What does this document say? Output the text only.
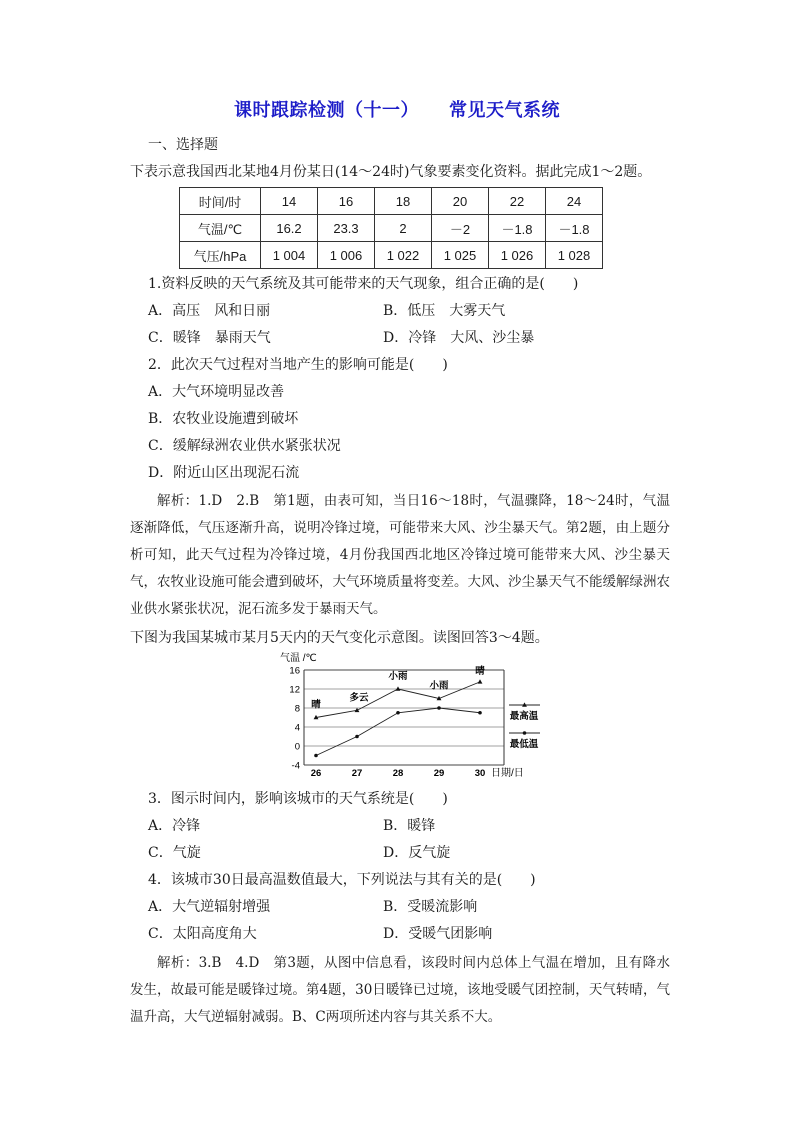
课时跟踪检测（十一） 常见天气系统
一、选择题
下表示意我国西北某地4月份某日(14～24时)气象要素变化资料。据此完成1～2题。
时间/时	14	16	18	20	22	24
气温/℃	16.2	23.3	2	－2	－1.8	－1.8
气压/hPa	1 004	1 006	1 022	1 025	1 026	1 028
1.资料反映的天气系统及其可能带来的天气现象，组合正确的是(　　)
A．高压　风和日丽	B．低压　大雾天气
C．暖锋　暴雨天气	D．冷锋　大风、沙尘暴
2．此次天气过程对当地产生的影响可能是(　　)
A．大气环境明显改善
B．农牧业设施遭到破坏
C．缓解绿洲农业供水紧张状况
D．附近山区出现泥石流
解析：1.D　2.B　第1题，由表可知，当日16～18时，气温骤降，18～24时，气温逐渐降低，气压逐渐升高，说明冷锋过境，可能带来大风、沙尘暴天气。第2题，由上题分析可知，此天气过程为冷锋过境，4月份我国西北地区冷锋过境可能带来大风、沙尘暴天气，农牧业设施可能会遭到破坏，大气环境质量将变差。大风、沙尘暴天气不能缓解绿洲农业供水紧张状况，泥石流多发于暴雨天气。
下图为我国某城市某月5天内的天气变化示意图。读图回答3～4题。
-4
0
4
8
12
16
26	27	28	29	30
晴
多云
小雨
小雨
晴
最高温
最低温
气温 /℃
日期/日
3．图示时间内，影响该城市的天气系统是(　　)
A．冷锋	B．暖锋
C．气旋	D．反气旋
4．该城市30日最高温数值最大，下列说法与其有关的是(　　)
A．大气逆辐射增强	B．受暖流影响
C．太阳高度角大	D．受暖气团影响
解析：3.B　4.D　第3题，从图中信息看，该段时间内总体上气温在增加，且有降水发生，故最可能是暖锋过境。第4题，30日暖锋已过境，该地受暖气团控制，天气转晴，气温升高，大气逆辐射减弱。B、C两项所述内容与其关系不大。
